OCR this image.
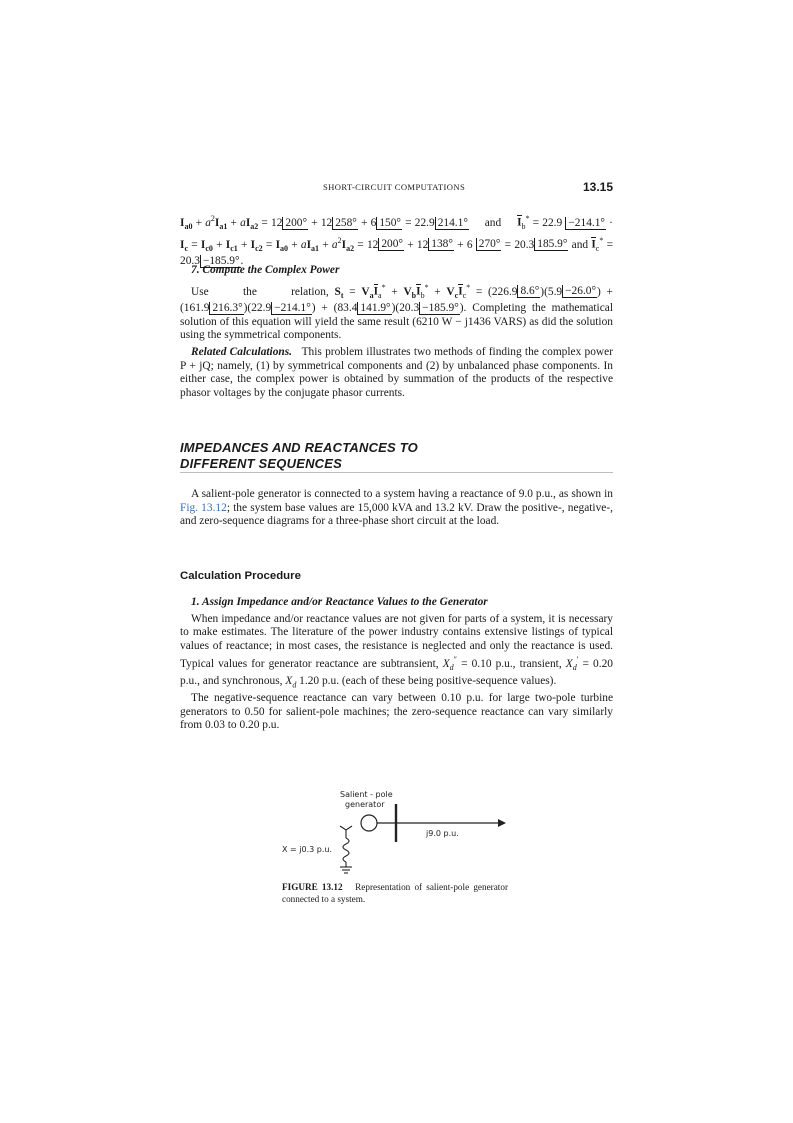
SHORT-CIRCUIT COMPUTATIONS	13.15

$I_{a0} + a^2I_{a1} + aI_{a2} = 12$ 200° + 12 258° + 6 150° = 22.9 214.1° and $I_b^* = 22.9 -214.1^\circ \cdot I_c = I_{c0} + I_{c1} + I_{c2} = I_{a0} + aI_{a1} + a^2I_{a2} = 12$ 200° + 12 138° + 6 270° = 20.3 185.9° and $I_c^* = 20.3 -185.9^\circ$.

7. Compute the Complex Power

Use      the      relation, $S_t = V_aI_a^* + V_bI_b^* + V_cI_c^* = (226.9$ 8.6°)(5.9 −26.0°) + (161.9 216.3°)(22.9 −214.1°) + (83.4 141.9°)(20.3 −185.9°). Completing the mathematical solution of this equation will yield the same result (6210 W − j1436 VARS) as did the solution using the symmetrical components.

Related Calculations. This problem illustrates two methods of finding the complex power P + jQ; namely, (1) by symmetrical components and (2) by unbalanced phase components. In either case, the complex power is obtained by summation of the products of the respective phasor voltages by the conjugate phasor currents.

IMPEDANCES AND REACTANCES TO
DIFFERENT SEQUENCES

A salient-pole generator is connected to a system having a reactance of 9.0 p.u., as shown in Fig. 13.12; the system base values are 15,000 kVA and 13.2 kV. Draw the positive-, negative-, and zero-sequence diagrams for a three-phase short circuit at the load.

Calculation Procedure

1. Assign Impedance and/or Reactance Values to the Generator

When impedance and/or reactance values are not given for parts of a system, it is necessary to make estimates. The literature of the power industry contains extensive listings of typical values of reactance; in most cases, the resistance is neglected and only the reactance is used. Typical values for generator reactance are subtransient, $X_d'' = 0.10$ p.u., transient, $X_d' = 0.20$ p.u., and synchronous, $X_d$ 1.20 p.u. (each of these being positive-sequence values).

The negative-sequence reactance can vary between 0.10 p.u. for large two-pole turbine generators to 0.50 for salient-pole machines; the zero-sequence reactance can vary similarly from 0.03 to 0.20 p.u.

Salient - pole
generator
j9.0 p.u.
X = j0.3 p.u.

FIGURE 13.12 Representation of salient-pole generator connected to a system.
